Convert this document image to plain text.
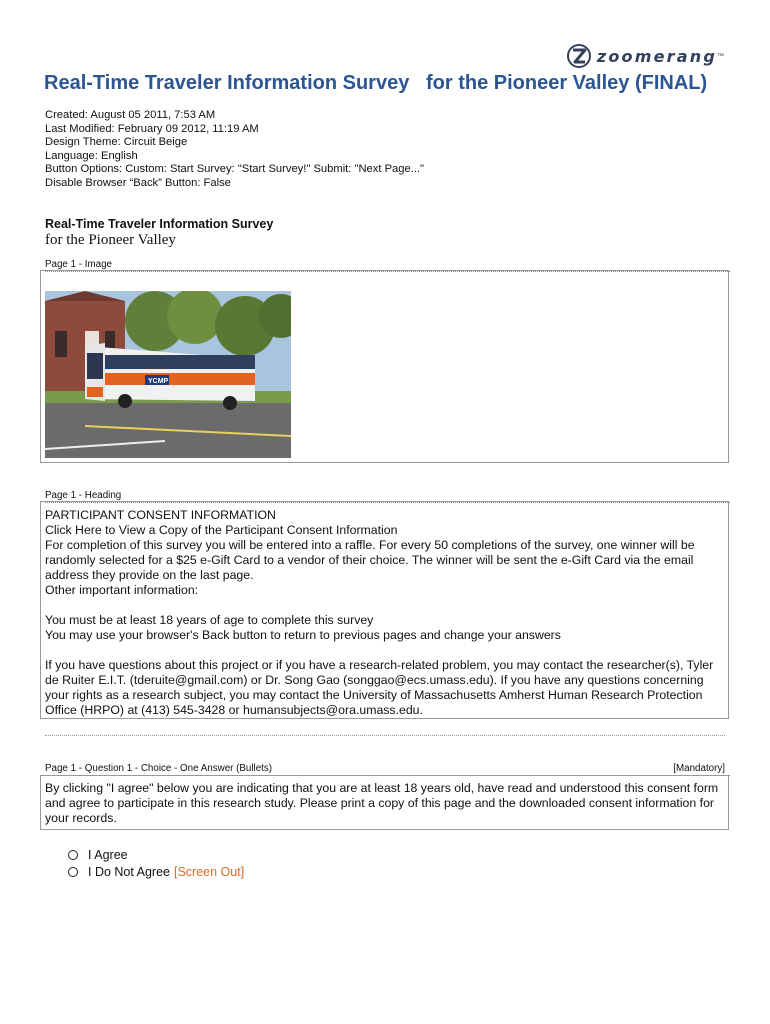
zoomerang ™
Real-Time Traveler Information Survey   for the Pioneer Valley (FINAL)
Created: August 05 2011, 7:53 AM
Last Modified: February 09 2012, 11:19 AM
Design Theme: Circuit Beige
Language: English
Button Options: Custom: Start Survey: "Start Survey!" Submit: "Next Page..."
Disable Browser “Back” Button: False
Real-Time Traveler Information Survey
for the Pioneer Valley
Page 1 - Image
YCMP
Page 1 - Heading

PARTICIPANT CONSENT INFORMATION

Click Here to View a Copy of the Participant Consent Information

For completion of this survey you will be entered into a raffle. For every 50 completions of the survey, one winner will be randomly selected for a $25 e-Gift Card to a vendor of their choice. The winner will be sent the e-Gift Card via the email address they provide on the last page.

Other important information:

You must be at least 18 years of age to complete this survey

You may use your browser's Back button to return to previous pages and change your answers

If you have questions about this project or if you have a research-related problem, you may contact the researcher(s), Tyler de Ruiter E.I.T. (tderuite@gmail.com) or Dr. Song Gao (songgao@ecs.umass.edu). If you have any questions concerning your rights as a research subject, you may contact the University of Massachusetts Amherst Human Research Protection Office (HRPO) at (413) 545-3428 or humansubjects@ora.umass.edu.

Page 1 - Question 1 - Choice - One Answer (Bullets)	[Mandatory]
By clicking "I agree" below you are indicating that you are at least 18 years old, have read and understood this consent form and agree to participate in this research study. Please print a copy of this page and the downloaded consent information for your records.
I Agree
I Do Not Agree [Screen Out]
